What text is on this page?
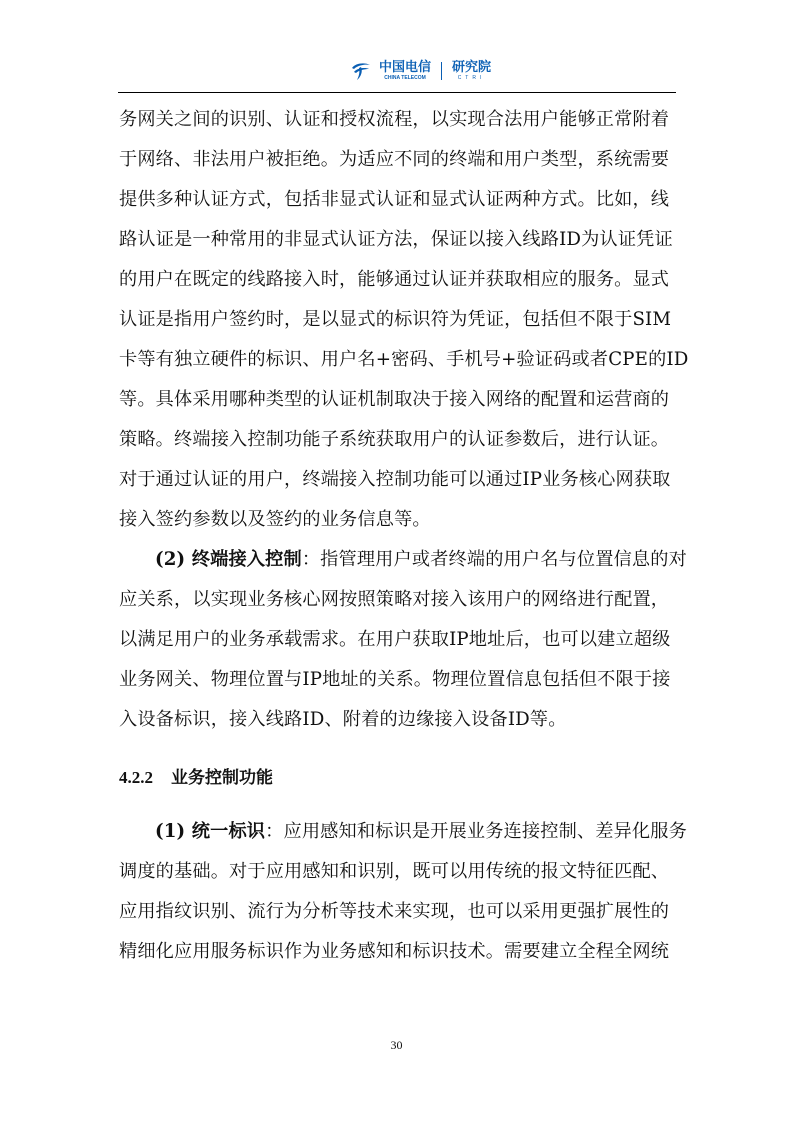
中国电信
CHINA TELECOM
研究院
CTRI
务网关之间的识别、认证和授权流程，以实现合法用户能够正常附着
于网络、非法用户被拒绝。为适应不同的终端和用户类型，系统需要
提供多种认证方式，包括非显式认证和显式认证两种方式。比如，线
路认证是一种常用的非显式认证方法，保证以接入线路ID为认证凭证
的用户在既定的线路接入时，能够通过认证并获取相应的服务。显式
认证是指用户签约时，是以显式的标识符为凭证，包括但不限于SIM
卡等有独立硬件的标识、用户名+密码、手机号+验证码或者CPE的ID
等。具体采用哪种类型的认证机制取决于接入网络的配置和运营商的
策略。终端接入控制功能子系统获取用户的认证参数后，进行认证。
对于通过认证的用户，终端接入控制功能可以通过IP业务核心网获取
接入签约参数以及签约的业务信息等。
(2) 终端接入控制：指管理用户或者终端的用户名与位置信息的对
应关系，以实现业务核心网按照策略对接入该用户的网络进行配置，
以满足用户的业务承载需求。在用户获取IP地址后，也可以建立超级
业务网关、物理位置与IP地址的关系。物理位置信息包括但不限于接
入设备标识，接入线路ID、附着的边缘接入设备ID等。
4.2.2 业务控制功能
(1) 统一标识：应用感知和标识是开展业务连接控制、差异化服务
调度的基础。对于应用感知和识别，既可以用传统的报文特征匹配、
应用指纹识别、流行为分析等技术来实现，也可以采用更强扩展性的
精细化应用服务标识作为业务感知和标识技术。需要建立全程全网统
30
